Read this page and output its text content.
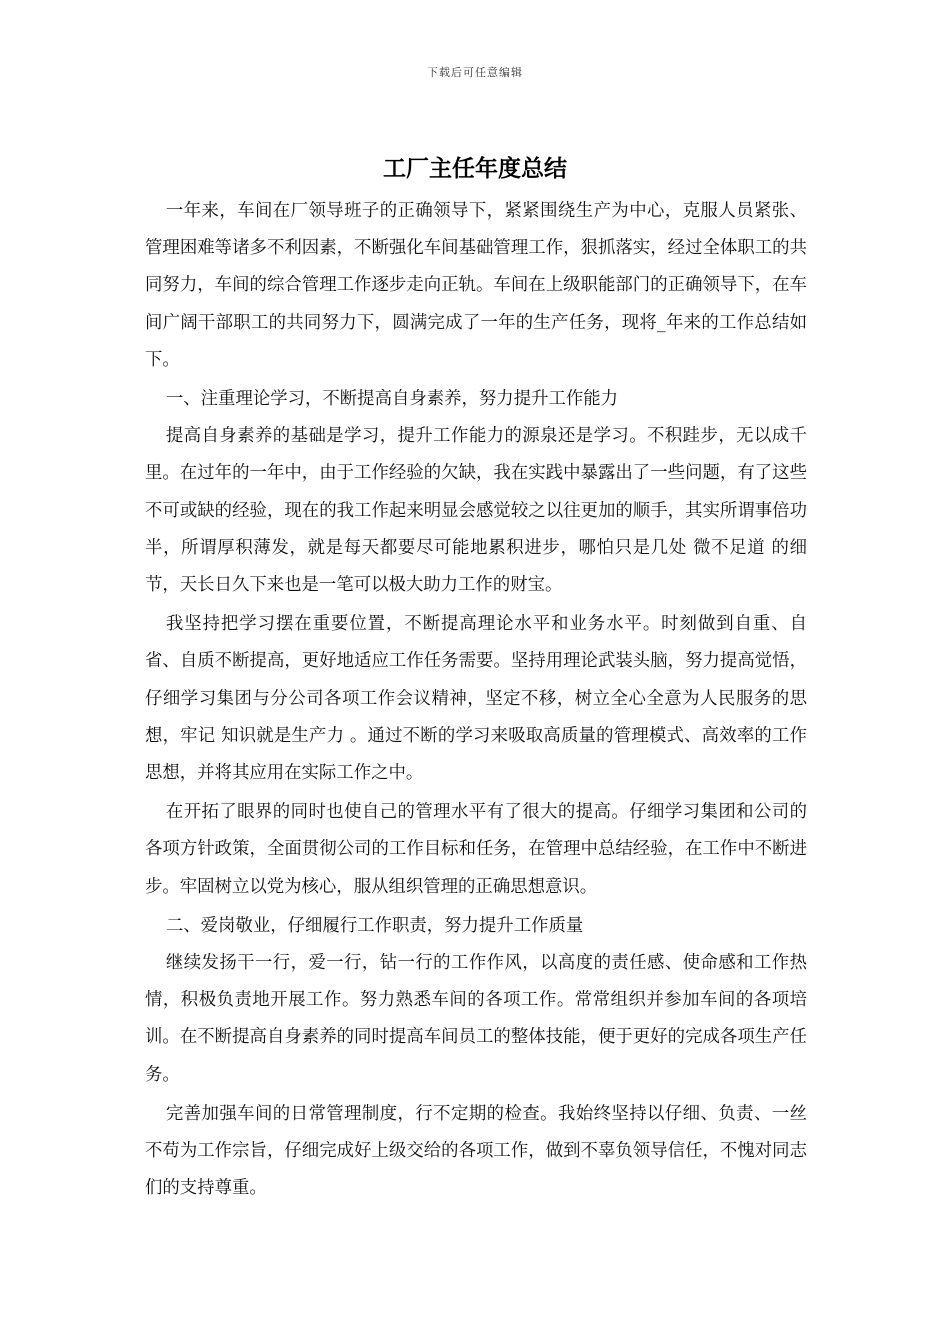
下载后可任意编辑
工厂主任年度总结

一年来，车间在厂领导班子的正确领导下，紧紧围绕生产为中心，克服人员紧张、管理困难等诸多不利因素，不断强化车间基础管理工作，狠抓落实，经过全体职工的共同努力，车间的综合管理工作逐步走向正轨。车间在上级职能部门的正确领导下，在车间广阔干部职工的共同努力下，圆满完成了一年的生产任务，现将_年来的工作总结如下。

一、注重理论学习，不断提高自身素养，努力提升工作能力

提高自身素养的基础是学习，提升工作能力的源泉还是学习。不积跬步，无以成千里。在过年的一年中，由于工作经验的欠缺，我在实践中暴露出了一些问题，有了这些不可或缺的经验，现在的我工作起来明显会感觉较之以往更加的顺手，其实所谓事倍功半，所谓厚积薄发，就是每天都要尽可能地累积进步，哪怕只是几处 微不足道 的细节，天长日久下来也是一笔可以极大助力工作的财宝。

我坚持把学习摆在重要位置，不断提高理论水平和业务水平。时刻做到自重、自省、自质不断提高，更好地适应工作任务需要。坚持用理论武装头脑，努力提高觉悟，仔细学习集团与分公司各项工作会议精神，坚定不移，树立全心全意为人民服务的思想，牢记 知识就是生产力 。通过不断的学习来吸取高质量的管理模式、高效率的工作思想，并将其应用在实际工作之中。

在开拓了眼界的同时也使自己的管理水平有了很大的提高。仔细学习集团和公司的各项方针政策，全面贯彻公司的工作目标和任务，在管理中总结经验，在工作中不断进步。牢固树立以党为核心，服从组织管理的正确思想意识。

二、爱岗敬业，仔细履行工作职责，努力提升工作质量

继续发扬干一行，爱一行，钻一行的工作作风，以高度的责任感、使命感和工作热情，积极负责地开展工作。努力熟悉车间的各项工作。常常组织并参加车间的各项培训。在不断提高自身素养的同时提高车间员工的整体技能，便于更好的完成各项生产任务。

完善加强车间的日常管理制度，行不定期的检查。我始终坚持以仔细、负责、一丝不苟为工作宗旨，仔细完成好上级交给的各项工作，做到不辜负领导信任，不愧对同志们的支持尊重。
